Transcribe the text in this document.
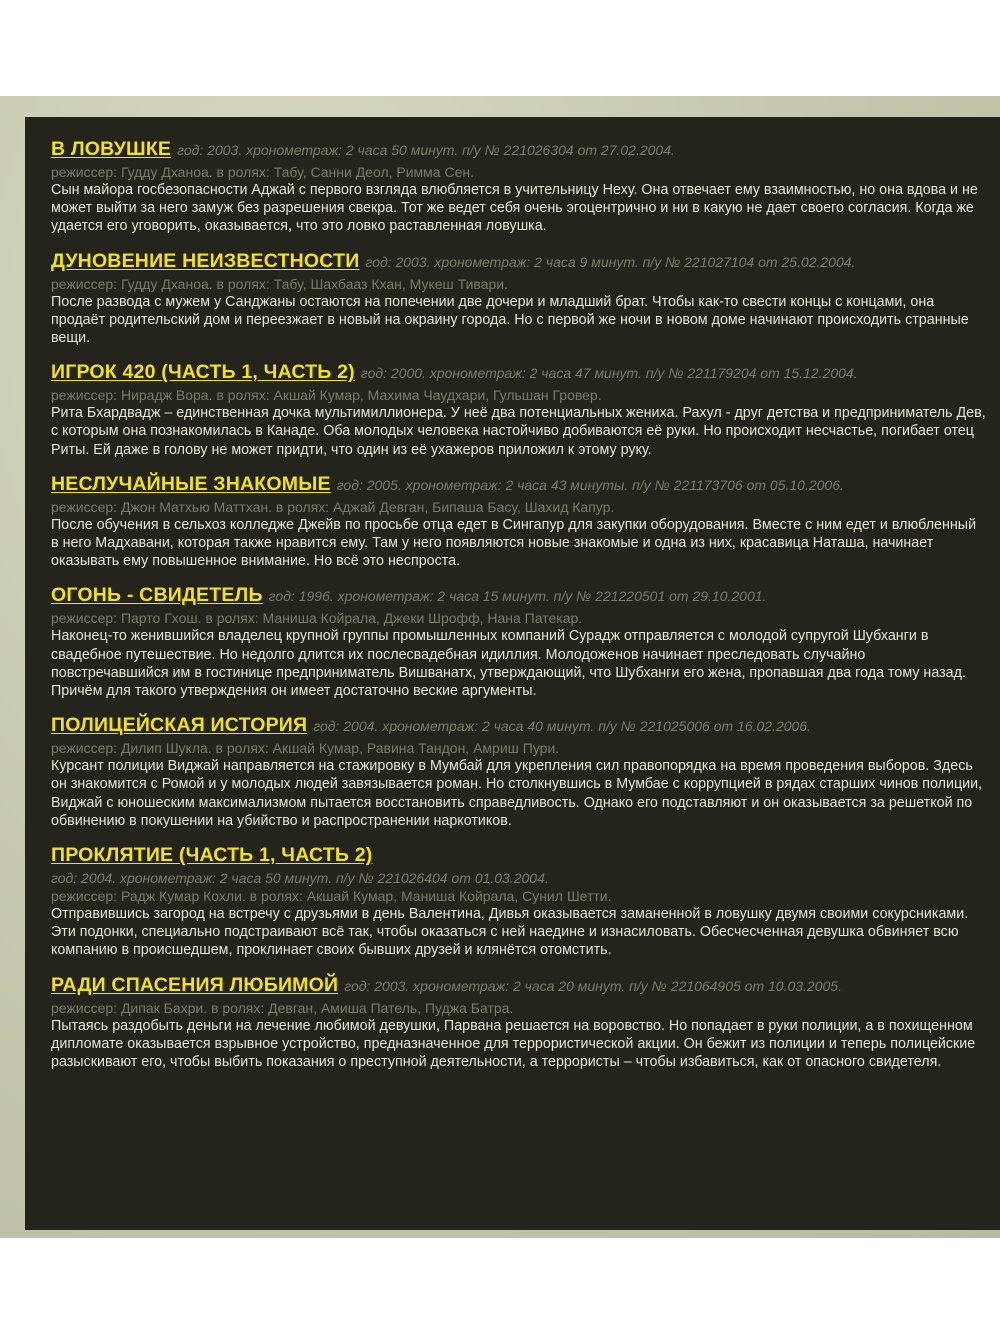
В ЛОВУШКЕ год: 2003. хронометраж: 2 часа 50 минут. п/у № 221026304 от 27.02.2004.
режиссер: Гудду Дханоа. в ролях: Табу, Санни Деол, Римма Сен.

Сын майора госбезопасности Аджай с первого взгляда влюбляется в учительницу Неху. Она отвечает ему взаимностью, но она вдова и не может выйти за него замуж без разрешения свекра. Тот же ведет себя очень эгоцентрично и ни в какую не дает своего согласия. Когда же удается его уговорить, оказывается, что это ловко раставленная ловушка.

ДУНОВЕНИЕ НЕИЗВЕСТНОСТИ год: 2003. хронометраж: 2 часа 9 минут. п/у № 221027104 от 25.02.2004.
режиссер: Гудду Дханоа. в ролях: Табу, Шахбааз Кхан, Мукеш Тивари.

После развода с мужем у Санджаны остаются на попечении две дочери и младший брат. Чтобы как-то свести концы с концами, она продаёт родительский дом и переезжает в новый на окраину города. Но с первой же ночи в новом доме начинают происходить странные вещи.

ИГРОК 420 (ЧАСТЬ 1, ЧАСТЬ 2) год: 2000. хронометраж: 2 часа 47 минут. п/у № 221179204 от 15.12.2004.
режиссер: Нирадж Вора. в ролях: Акшай Кумар, Махима Чаудхари, Гульшан Гровер.

Рита Бхардвадж – единственная дочка мультимиллионера. У неё два потенциальных жениха. Рахул - друг детства и предприниматель Дев, с которым она познакомилась в Канаде. Оба молодых человека настойчиво добиваются её руки. Но происходит несчастье, погибает отец Риты. Ей даже в голову не может придти, что один из её ухажеров приложил к этому руку.

НЕСЛУЧАЙНЫЕ ЗНАКОМЫЕ год: 2005. хронометраж: 2 часа 43 минуты. п/у № 221173706 от 05.10.2006.
режиссер: Джон Матхью Маттхан. в ролях: Аджай Девган, Бипаша Басу, Шахид Капур.

После обучения в сельхоз колледже Джейв по просьбе отца едет в Сингапур для закупки оборудования. Вместе с ним едет и влюбленный в него Мадхавани, которая также нравится ему. Там у него появляются новые знакомые и одна из них, красавица Наташа, начинает оказывать ему повышенное внимание. Но всё это неспроста.

ОГОНЬ - СВИДЕТЕЛЬ год: 1996. хронометраж: 2 часа 15 минут. п/у № 221220501 от 29.10.2001.
режиссер: Парто Гхош. в ролях: Маниша Койрала, Джеки Шрофф, Нана Патекар.

Наконец-то женившийся владелец крупной группы промышленных компаний Сурадж отправляется с молодой супругой Шубханги в свадебное путешествие. Но недолго длится их послесвадебная идиллия. Молодоженов начинает преследовать случайно повстречавшийся им в гостинице предприниматель Вишванатх, утверждающий, что Шубханги его жена, пропавшая два года тому назад. Причём для такого утверждения он имеет достаточно веские аргументы.

ПОЛИЦЕЙСКАЯ ИСТОРИЯ год: 2004. хронометраж: 2 часа 40 минут. п/у № 221025006 от 16.02.2006.
режиссер: Дилип Шукла. в ролях: Акшай Кумар, Равина Тандон, Амриш Пури.

Курсант полиции Виджай направляется на стажировку в Мумбай для укрепления сил правопорядка на время проведения выборов. Здесь он знакомится с Ромой и у молодых людей завязывается роман. Но столкнувшись в Мумбае с коррупцией в рядах старших чинов полиции, Виджай с юношеским максимализмом пытается восстановить справедливость. Однако его подставляют и он оказывается за решеткой по обвинению в покушении на убийство и распространении наркотиков.

ПРОКЛЯТИЕ (ЧАСТЬ 1, ЧАСТЬ 2)
год: 2004. хронометраж: 2 часа 50 минут. п/у № 221026404 от 01.03.2004.
режиссер: Радж Кумар Кохли. в ролях: Акшай Кумар, Маниша Койрала, Сунил Шетти.

Отправившись загород на встречу с друзьями в день Валентина, Дивья оказывается заманенной в ловушку двумя своими сокурсниками. Эти подонки, специально подстраивают всё так, чтобы оказаться с ней наедине и изнасиловать. Обесчесченная девушка обвиняет всю компанию в происшедшем, проклинает своих бывших друзей и клянётся отомстить.

РАДИ СПАСЕНИЯ ЛЮБИМОЙ год: 2003. хронометраж: 2 часа 20 минут. п/у № 221064905 от 10.03.2005.
режиссер: Дипак Бахри. в ролях: Девган, Амиша Патель, Пуджа Батра.

Пытаясь раздобыть деньги на лечение любимой девушки, Парвана решается на воровство. Но попадает в руки полиции, а в похищенном дипломате оказывается взрывное устройство, предназначенное для террористической акции. Он бежит из полиции и теперь полицейские разыскивают его, чтобы выбить показания о преступной деятельности, а террористы – чтобы избавиться, как от опасного свидетеля.
